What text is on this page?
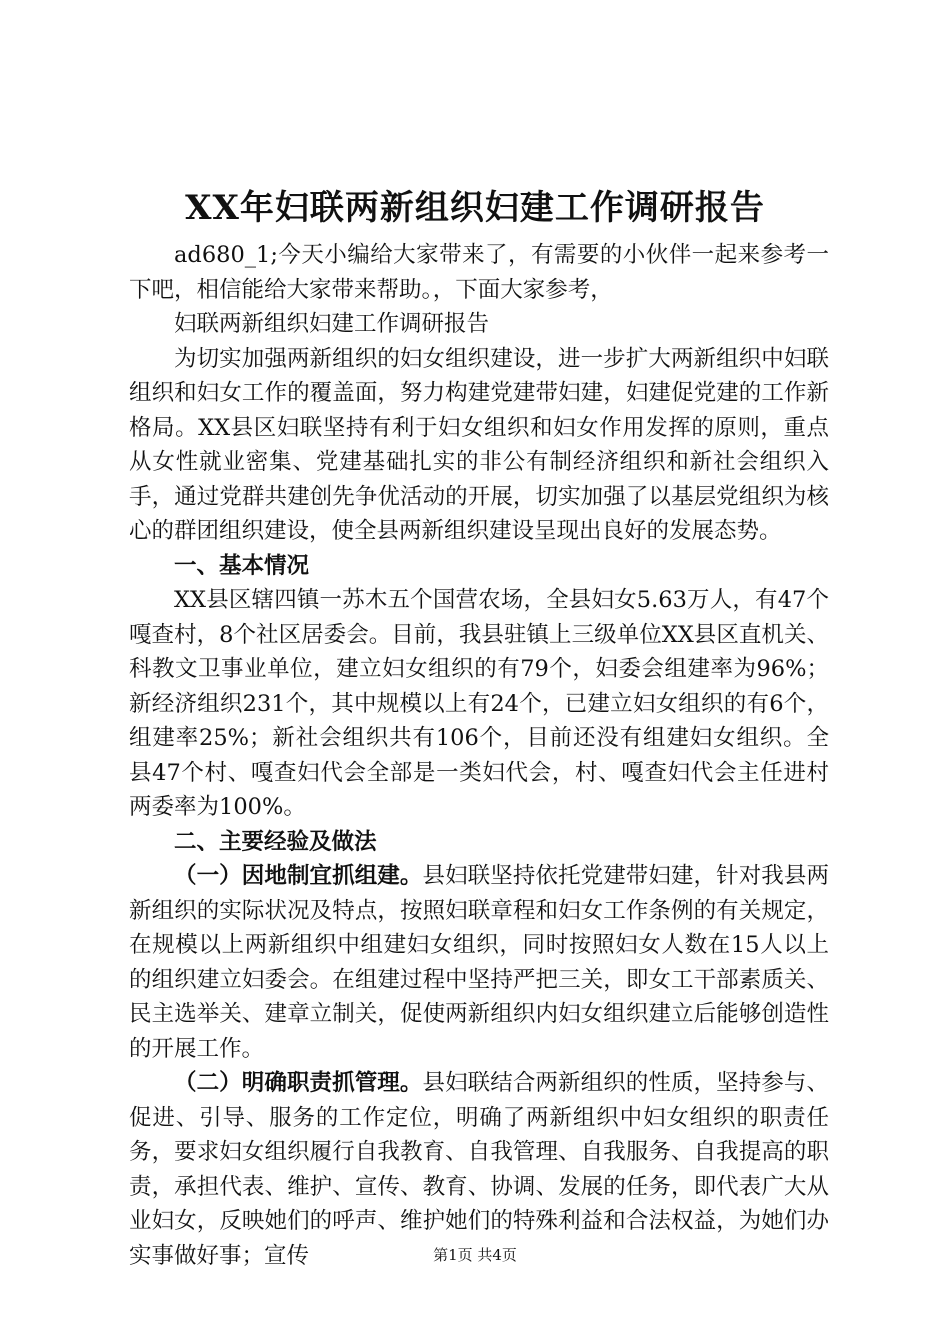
XX年妇联两新组织妇建工作调研报告

ad680_1;今天小编给大家带来了，有需要的小伙伴一起来参考一下吧，相信能给大家带来帮助。，下面大家参考，

妇联两新组织妇建工作调研报告

为切实加强两新组织的妇女组织建设，进一步扩大两新组织中妇联组织和妇女工作的覆盖面，努力构建党建带妇建，妇建促党建的工作新格局。XX县区妇联坚持有利于妇女组织和妇女作用发挥的原则，重点从女性就业密集、党建基础扎实的非公有制经济组织和新社会组织入手，通过党群共建创先争优活动的开展，切实加强了以基层党组织为核心的群团组织建设，使全县两新组织建设呈现出良好的发展态势。

一、基本情况

XX县区辖四镇一苏木五个国营农场，全县妇女5.63万人，有47个嘎查村，8个社区居委会。目前，我县驻镇上三级单位XX县区直机关、科教文卫事业单位，建立妇女组织的有79个，妇委会组建率为96%；新经济组织231个，其中规模以上有24个，已建立妇女组织的有6个，组建率25%；新社会组织共有106个，目前还没有组建妇女组织。全县47个村、嘎查妇代会全部是一类妇代会，村、嘎查妇代会主任进村两委率为100%。

二、主要经验及做法

（一）因地制宜抓组建。县妇联坚持依托党建带妇建，针对我县两新组织的实际状况及特点，按照妇联章程和妇女工作条例的有关规定，在规模以上两新组织中组建妇女组织，同时按照妇女人数在15人以上的组织建立妇委会。在组建过程中坚持严把三关，即女工干部素质关、民主选举关、建章立制关，促使两新组织内妇女组织建立后能够创造性的开展工作。

（二）明确职责抓管理。县妇联结合两新组织的性质，坚持参与、促进、引导、服务的工作定位，明确了两新组织中妇女组织的职责任务，要求妇女组织履行自我教育、自我管理、自我服务、自我提高的职责，承担代表、维护、宣传、教育、协调、发展的任务，即代表广大从业妇女，反映她们的呼声、维护她们的特殊利益和合法权益，为她们办实事做好事；宣传	第1页 共4页
